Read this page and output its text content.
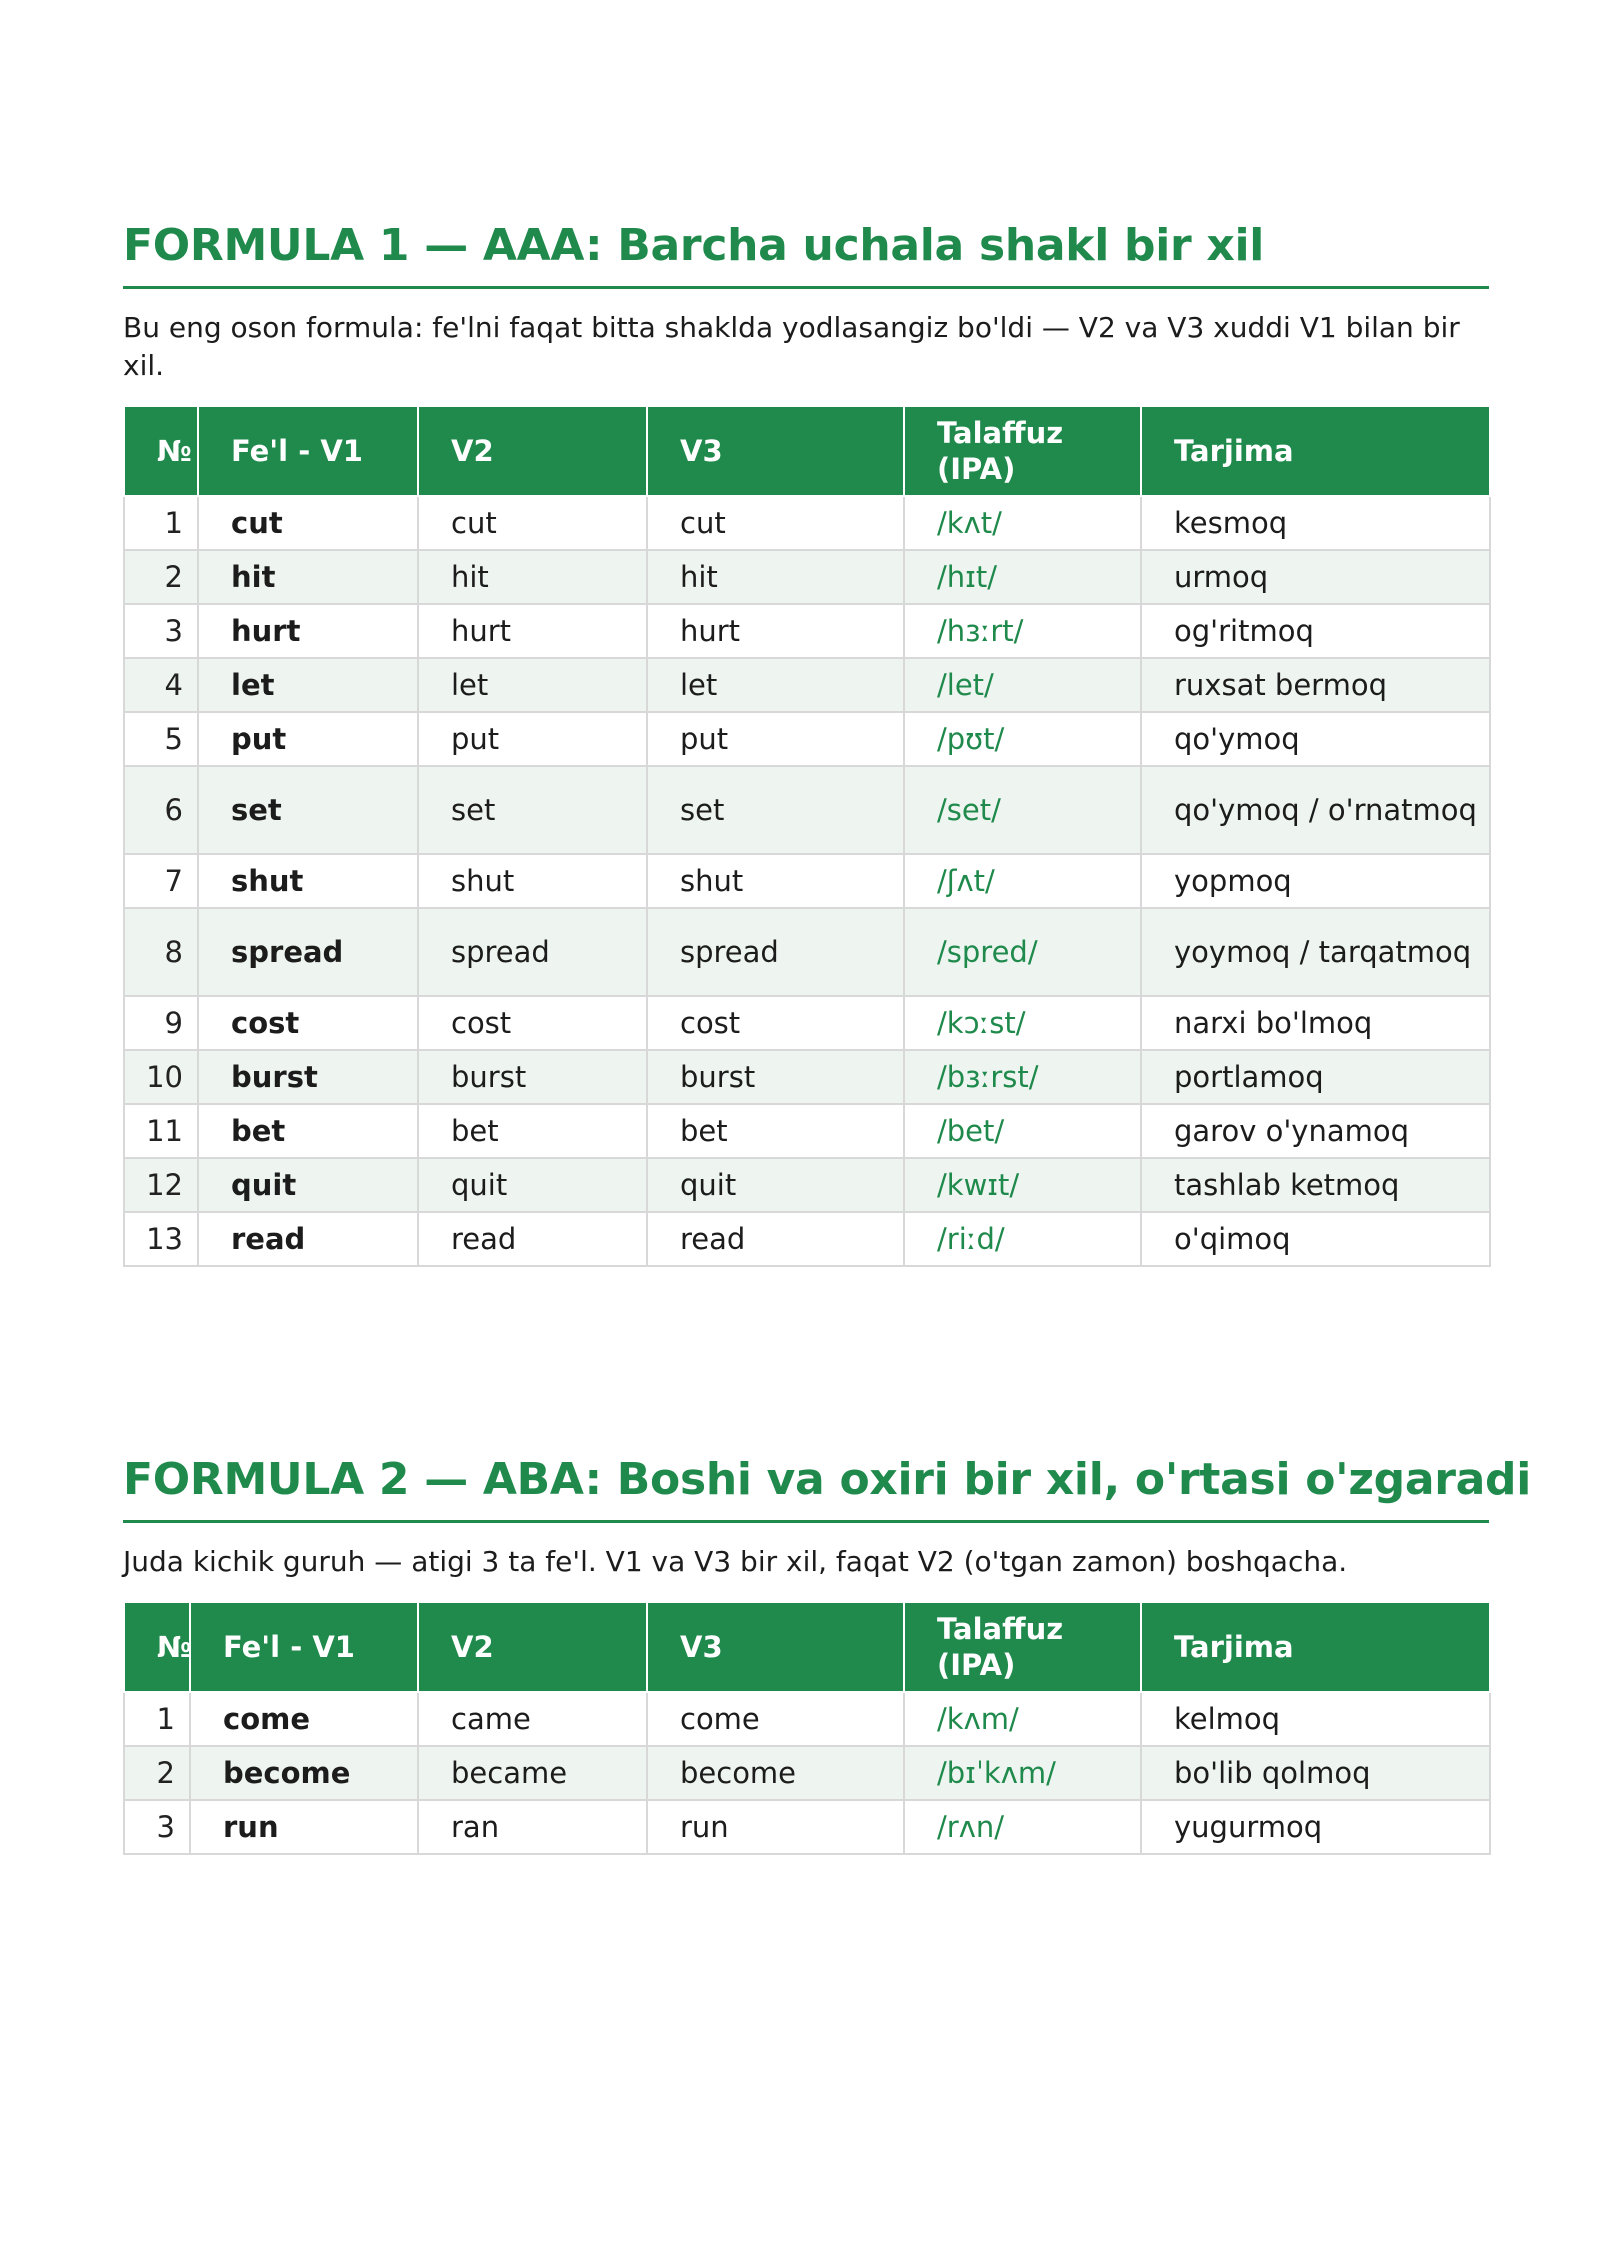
FORMULA 1 — AAA: Barcha uchala shakl bir xil
Bu eng oson formula: fe'lni faqat bitta shaklda yodlasangiz bo'ldi — V2 va V3 xuddi V1 bilan bir xil.
№	Fe'l - V1	V2	V3	Talaffuz (IPA)	Tarjima
1	cut	cut	cut	/kʌt/	kesmoq
2	hit	hit	hit	/hɪt/	urmoq
3	hurt	hurt	hurt	/hɜːrt/	og'ritmoq
4	let	let	let	/let/	ruxsat bermoq
5	put	put	put	/pʊt/	qo'ymoq
6	set	set	set	/set/	qo'ymoq / o'rnatmoq
7	shut	shut	shut	/ʃʌt/	yopmoq
8	spread	spread	spread	/spred/	yoymoq / tarqatmoq
9	cost	cost	cost	/kɔːst/	narxi bo'lmoq
10	burst	burst	burst	/bɜːrst/	portlamoq
11	bet	bet	bet	/bet/	garov o'ynamoq
12	quit	quit	quit	/kwɪt/	tashlab ketmoq
13	read	read	read	/riːd/	o'qimoq
FORMULA 2 — ABA: Boshi va oxiri bir xil, o'rtasi o'zgaradi
Juda kichik guruh — atigi 3 ta fe'l. V1 va V3 bir xil, faqat V2 (o'tgan zamon) boshqacha.
№	Fe'l - V1	V2	V3	Talaffuz (IPA)	Tarjima
1	come	came	come	/kʌm/	kelmoq
2	become	became	become	/bɪˈkʌm/	bo'lib qolmoq
3	run	ran	run	/rʌn/	yugurmoq
